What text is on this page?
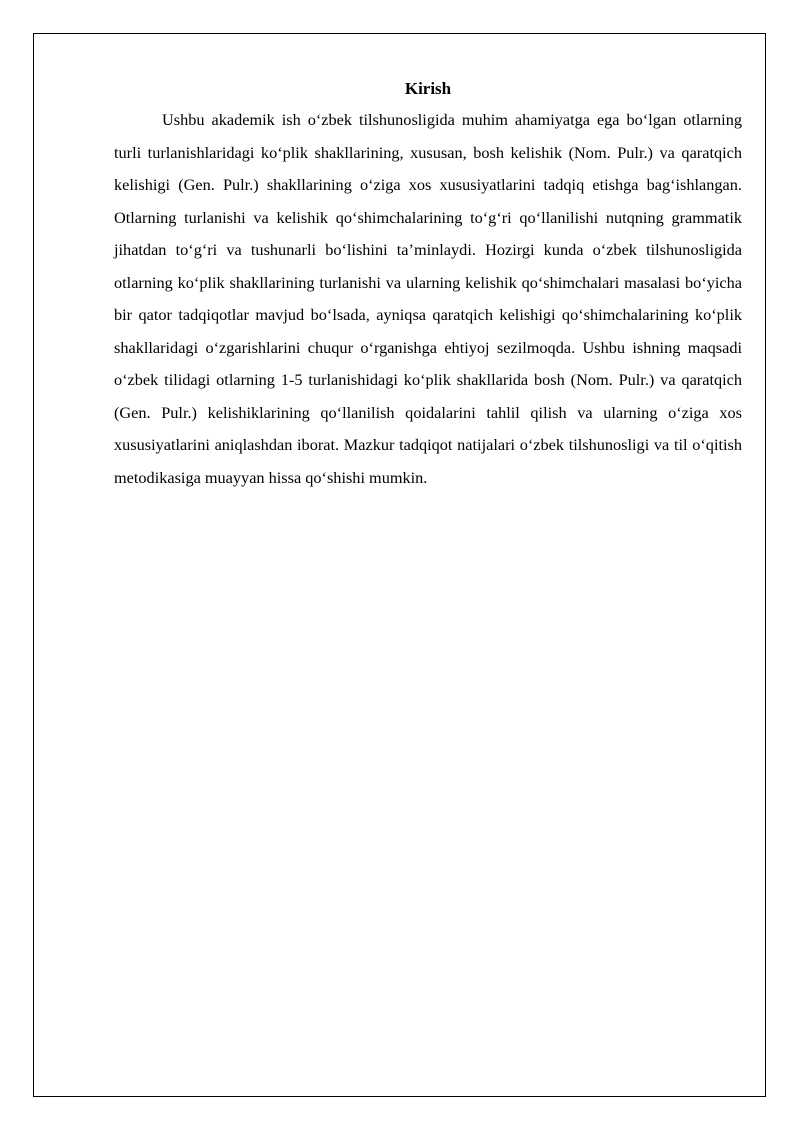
Kirish

Ushbu akademik ish o‘zbek tilshunosligida muhim ahamiyatga ega bo‘lgan otlarning turli turlanishlaridagi ko‘plik shakllarining, xususan, bosh kelishik (Nom. Pulr.) va qaratqich kelishigi (Gen. Pulr.) shakllarining o‘ziga xos xususiyatlarini tadqiq etishga bag‘ishlangan. Otlarning turlanishi va kelishik qo‘shimchalarining to‘g‘ri qo‘llanilishi nutqning grammatik jihatdan to‘g‘ri va tushunarli bo‘lishini ta’minlaydi. Hozirgi kunda o‘zbek tilshunosligida otlarning ko‘plik shakllarining turlanishi va ularning kelishik qo‘shimchalari masalasi bo‘yicha bir qator tadqiqotlar mavjud bo‘lsada, ayniqsa qaratqich kelishigi qo‘shimchalarining ko‘plik shakllaridagi o‘zgarishlarini chuqur o‘rganishga ehtiyoj sezilmoqda. Ushbu ishning maqsadi o‘zbek tilidagi otlarning 1-5 turlanishidagi ko‘plik shakllarida bosh (Nom. Pulr.) va qaratqich (Gen. Pulr.) kelishiklarining qo‘llanilish qoidalarini tahlil qilish va ularning o‘ziga xos xususiyatlarini aniqlashdan iborat. Mazkur tadqiqot natijalari o‘zbek tilshunosligi va til o‘qitish metodikasiga muayyan hissa qo‘shishi mumkin.
